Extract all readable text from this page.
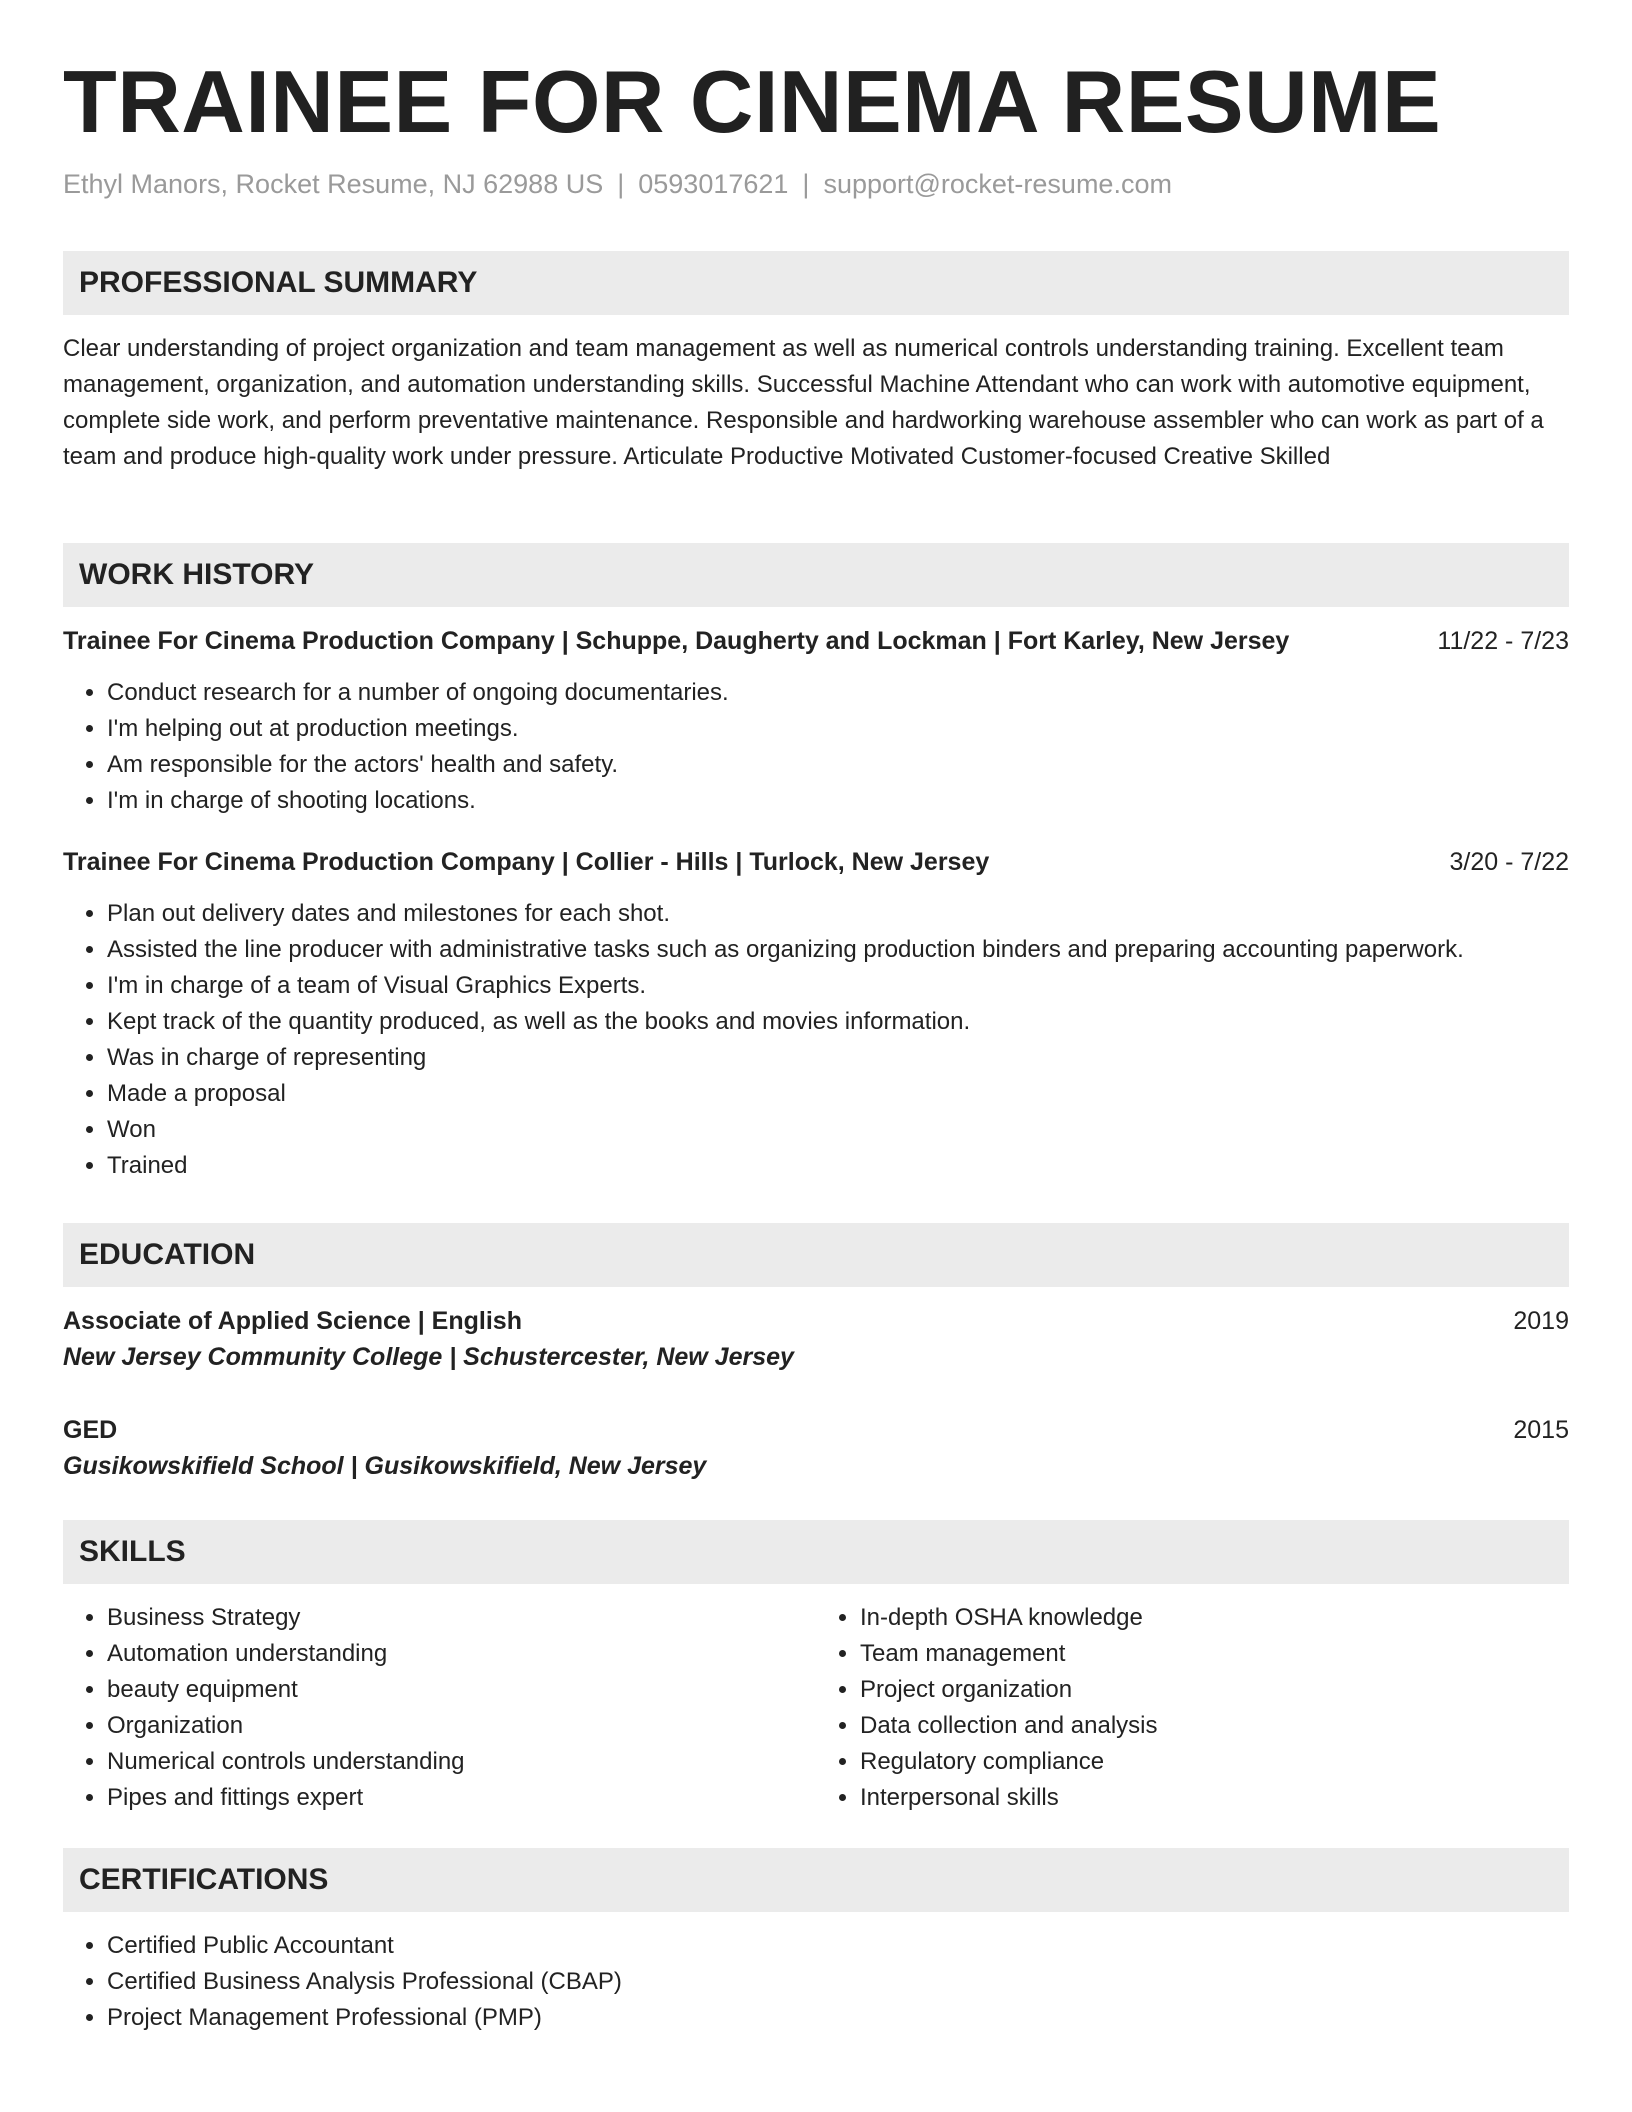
TRAINEE FOR CINEMA RESUME
Ethyl Manors, Rocket Resume, NJ 62988 US | 0593017621 | support@rocket-resume.com
PROFESSIONAL SUMMARY

Clear understanding of project organization and team management as well as numerical controls understanding training. Excellent team management, organization, and automation understanding skills. Successful Machine Attendant who can work with automotive equipment, complete side work, and perform preventative maintenance. Responsible and hardworking warehouse assembler who can work as part of a team and produce high-quality work under pressure. Articulate Productive Motivated Customer-focused Creative Skilled

WORK HISTORY
Trainee For Cinema Production Company | Schuppe, Daugherty and Lockman | Fort Karley, New Jersey	11/22 - 7/23
• Conduct research for a number of ongoing documentaries.
• I'm helping out at production meetings.
• Am responsible for the actors' health and safety.
• I'm in charge of shooting locations.
Trainee For Cinema Production Company | Collier - Hills | Turlock, New Jersey	3/20 - 7/22
• Plan out delivery dates and milestones for each shot.
• Assisted the line producer with administrative tasks such as organizing production binders and preparing accounting paperwork.
• I'm in charge of a team of Visual Graphics Experts.
• Kept track of the quantity produced, as well as the books and movies information.
• Was in charge of representing
• Made a proposal
• Won
• Trained
EDUCATION
Associate of Applied Science | English	2019
New Jersey Community College | Schustercester, New Jersey
GED	2015
Gusikowskifield School | Gusikowskifield, New Jersey
SKILLS
• Business Strategy
• Automation understanding
• beauty equipment
• Organization
• Numerical controls understanding
• Pipes and fittings expert
• In-depth OSHA knowledge
• Team management
• Project organization
• Data collection and analysis
• Regulatory compliance
• Interpersonal skills
CERTIFICATIONS
• Certified Public Accountant
• Certified Business Analysis Professional (CBAP)
• Project Management Professional (PMP)
